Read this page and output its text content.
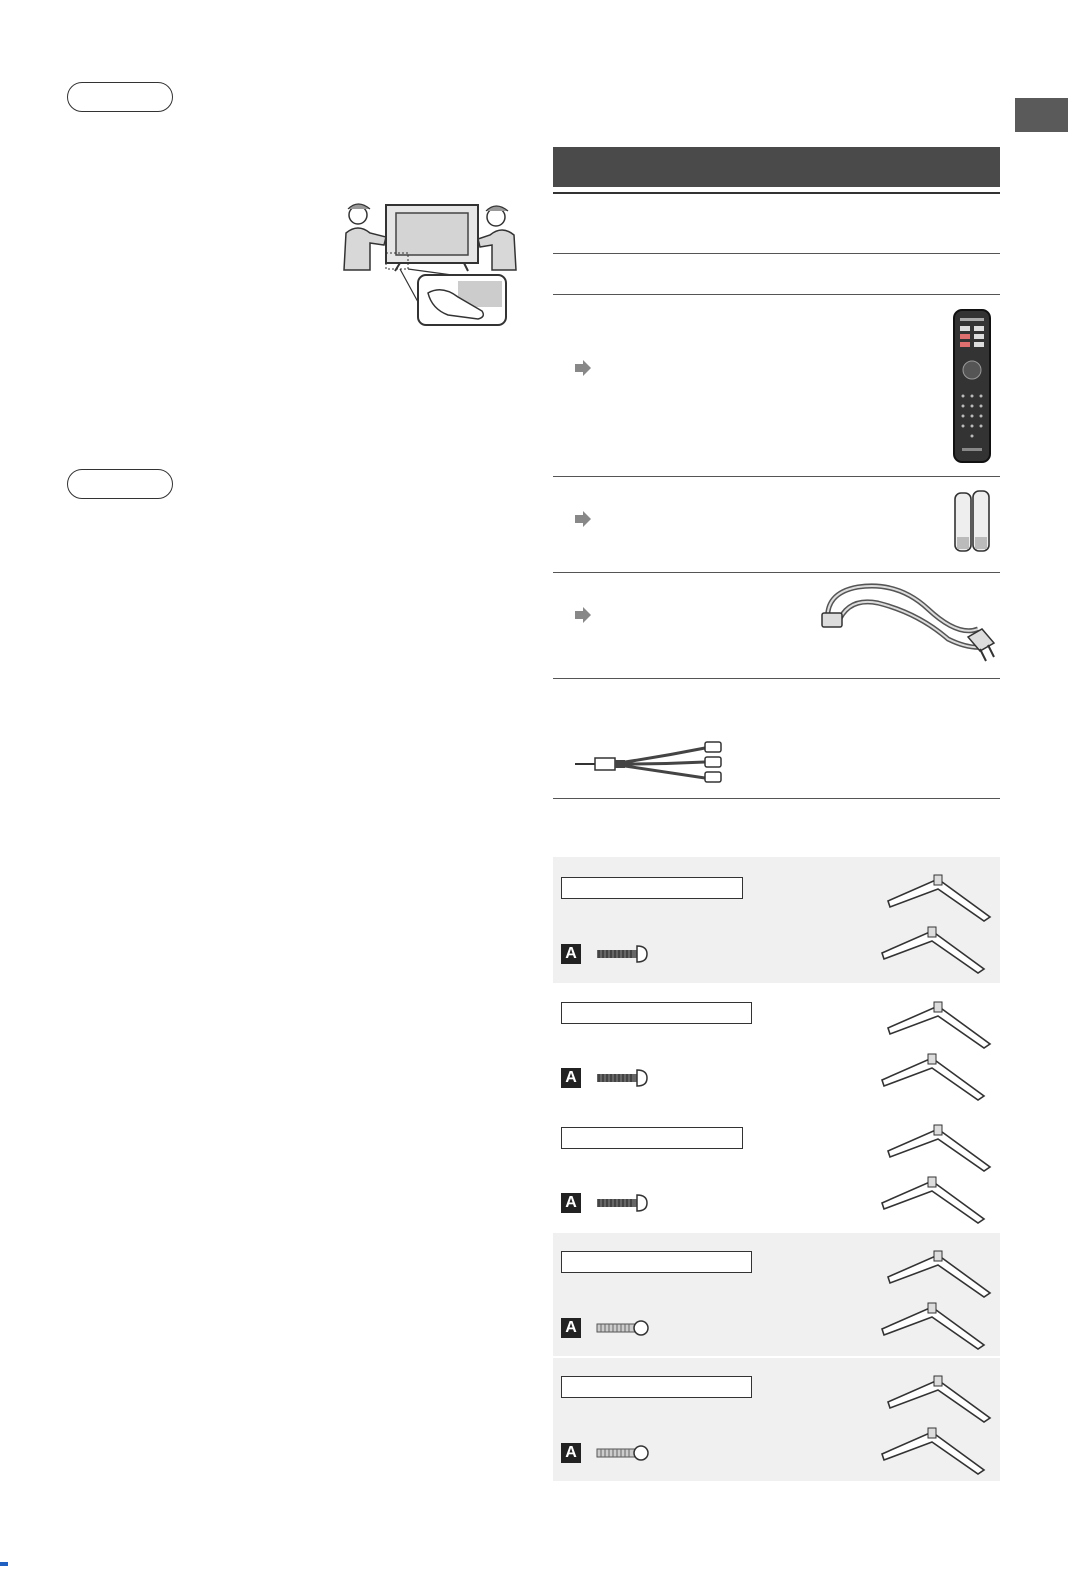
A
A
A
A
A
